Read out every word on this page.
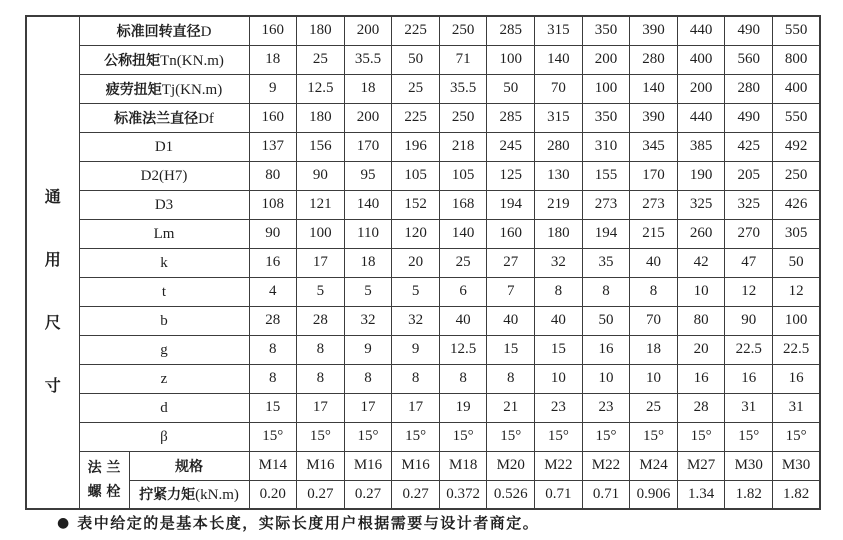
通
用
尺
寸	标准回转直径D		160	180	200	225	250	285	315	350	390	440	490	550
	公称扭矩Tn(KN.m)		18	25	35.5	50	71	100	140	200	280	400	560	800
	疲劳扭矩Tj(KN.m)		9	12.5	18	25	35.5	50	70	100	140	200	280	400
	标准法兰直径Df		160	180	200	225	250	285	315	350	390	440	490	550
	D1		137	156	170	196	218	245	280	310	345	385	425	492
	D2(H7)		80	90	95	105	105	125	130	155	170	190	205	250
	D3		108	121	140	152	168	194	219	273	273	325	325	426
	Lm		90	100	110	120	140	160	180	194	215	260	270	305
	k		16	17	18	20	25	27	32	35	40	42	47	50
	t		4	5	5	5	6	7	8	8	8	10	12	12
	b		28	28	32	32	40	40	40	50	70	80	90	100
	g		8	8	9	9	12.5	15	15	16	18	20	22.5	22.5
	z		8	8	8	8	8	8	10	10	10	16	16	16
	d		15	17	17	17	19	21	23	23	25	28	31	31
	β		15°	15°	15°	15°	15°	15°	15°	15°	15°	15°	15°	15°

	法 兰
螺 栓	规格	M14	M16	M16	M16	M18	M20	M22	M22	M24	M27	M30	M30
		拧紧力矩(kN.m)	0.20	0.27	0.27	0.27	0.372	0.526	0.71	0.71	0.906	1.34	1.82	1.82
● 表中给定的是基本长度，实际长度用户根据需要与设计者商定。
